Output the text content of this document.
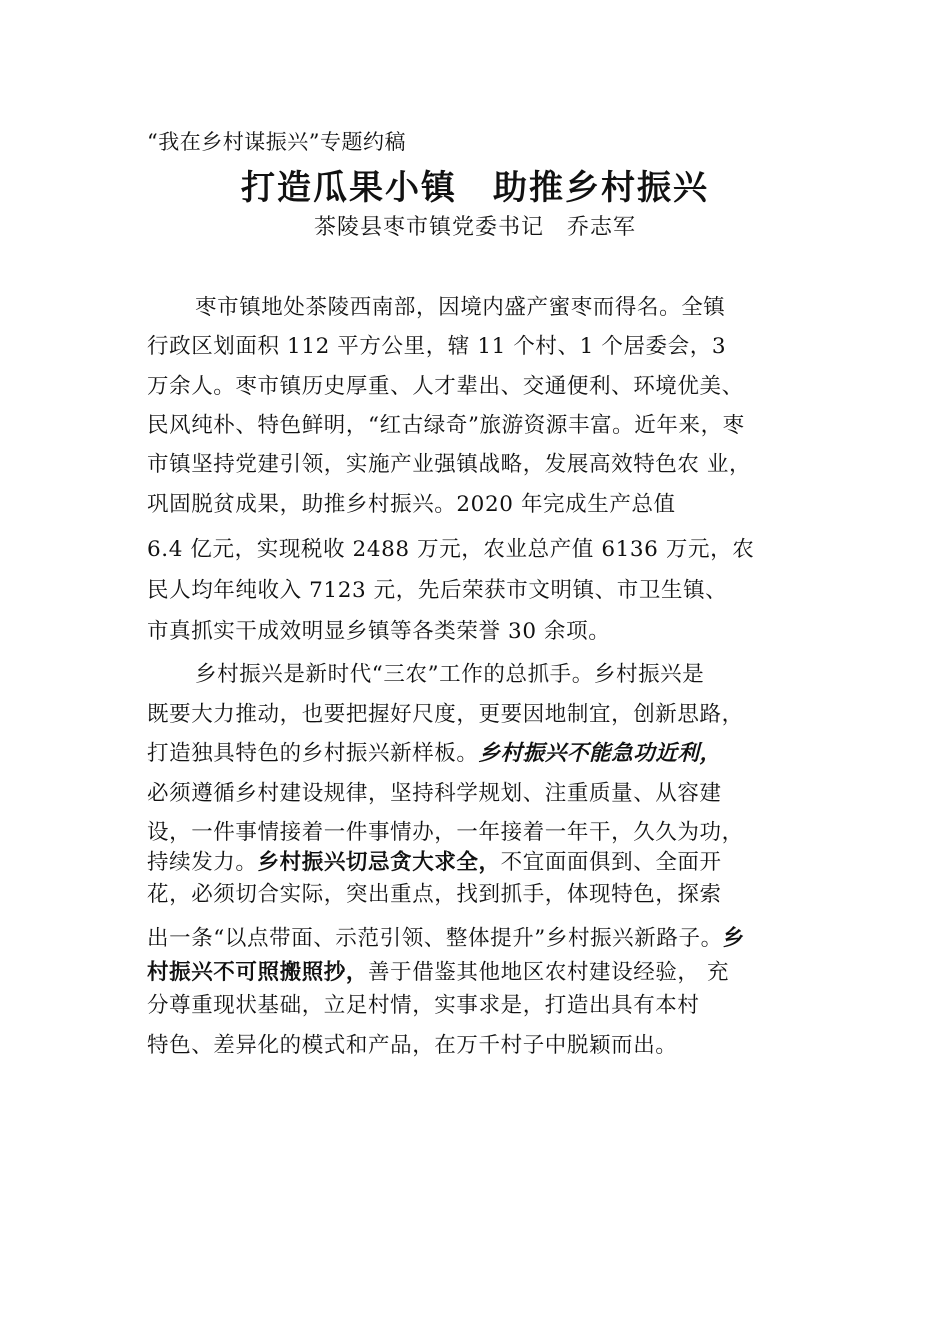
“我在乡村谋振兴”专题约稿
打造瓜果小镇　助推乡村振兴
茶陵县枣市镇党委书记　乔志军
枣市镇地处茶陵西南部，因境内盛产蜜枣而得名。全镇
行政区划面积 112 平方公里，辖 11 个村、1 个居委会，3
万余人。枣市镇历史厚重、人才辈出、交通便利、环境优美、
民风纯朴、特色鲜明，“红古绿奇”旅游资源丰富。近年来，枣
市镇坚持党建引领，实施产业强镇战略，发展高效特色农 业，
巩固脱贫成果，助推乡村振兴。2020 年完成生产总值
6.4 亿元，实现税收 2488 万元，农业总产值 6136 万元，农
民人均年纯收入 7123 元，先后荣获市文明镇、市卫生镇、
市真抓实干成效明显乡镇等各类荣誉 30 余项。
乡村振兴是新时代“三农”工作的总抓手。乡村振兴是
既要大力推动，也要把握好尺度，更要因地制宜，创新思路，
打造独具特色的乡村振兴新样板。乡村振兴不能急功近利，
必须遵循乡村建设规律，坚持科学规划、注重质量、从容建
设，一件事情接着一件事情办，一年接着一年干，久久为功，
持续发力。乡村振兴切忌贪大求全，不宜面面俱到、全面开
花，必须切合实际，突出重点，找到抓手，体现特色，探索
出一条“以点带面、示范引领、整体提升”乡村振兴新路子。乡
村振兴不可照搬照抄，善于借鉴其他地区农村建设经验， 充
分尊重现状基础，立足村情，实事求是，打造出具有本村
特色、差异化的模式和产品，在万千村子中脱颖而出。
